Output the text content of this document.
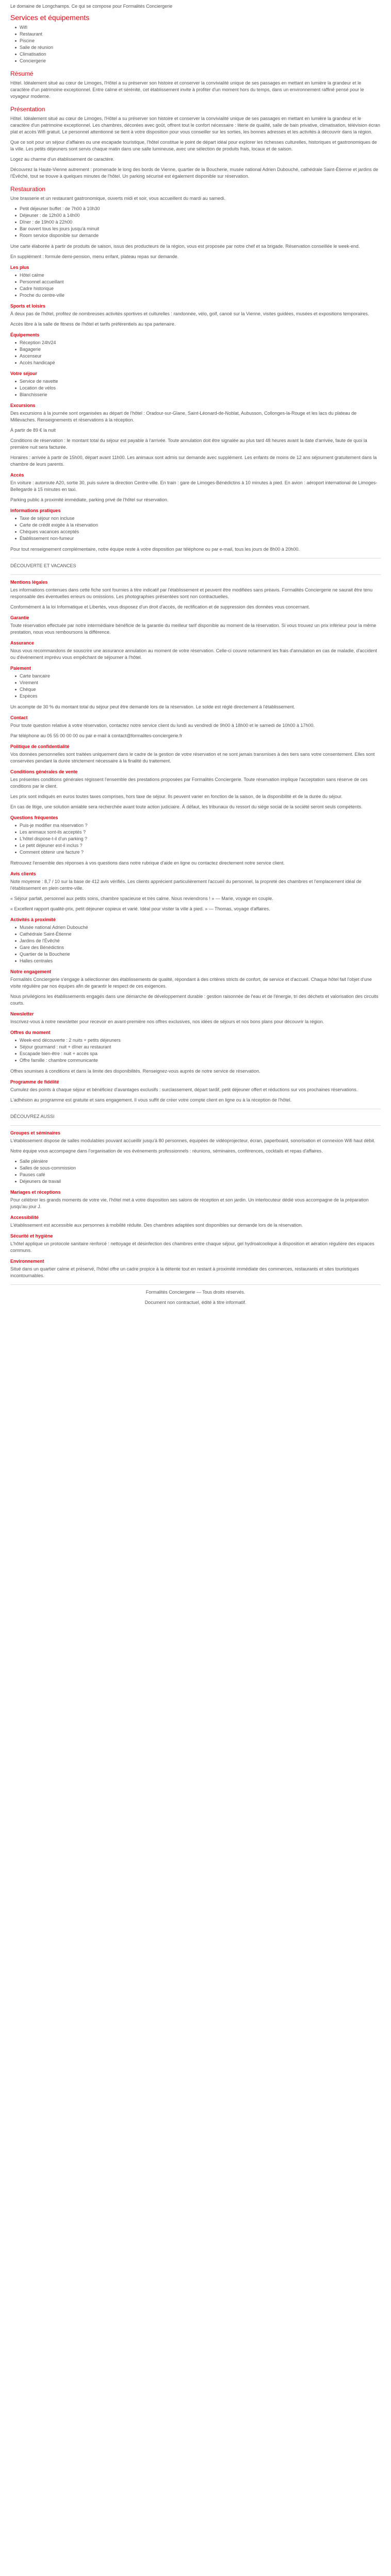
Le domaine de Longchamps. Ce qui se compose pour Formalités Conciergerie

Services et équipements
Wifi
Restaurant
Piscine
Salle de réunion
Climatisation
Conciergerie
Résumé

Hôtel. Idéalement situé au cœur de Limoges, l'Hôtel a su préserver son histoire et conserver la convivialité unique de ses passages en mettant en lumière la grandeur et le caractère d'un patrimoine exceptionnel. Entre calme et sérénité, cet établissement invite à profiter d'un moment hors du temps, dans un environnement raffiné pensé pour le voyageur moderne.

Présentation

Hôtel. Idéalement situé au cœur de Limoges, l'Hôtel a su préserver son histoire et conserver la convivialité unique de ses passages en mettant en lumière la grandeur et le caractère d'un patrimoine exceptionnel. Les chambres, décorées avec goût, offrent tout le confort nécessaire : literie de qualité, salle de bain privative, climatisation, télévision écran plat et accès Wifi gratuit. Le personnel attentionné se tient à votre disposition pour vous conseiller sur les sorties, les bonnes adresses et les activités à découvrir dans la région.

Que ce soit pour un séjour d'affaires ou une escapade touristique, l'hôtel constitue le point de départ idéal pour explorer les richesses culturelles, historiques et gastronomiques de la ville. Les petits déjeuners sont servis chaque matin dans une salle lumineuse, avec une sélection de produits frais, locaux et de saison.

Logez au charme d'un établissement de caractère.

Découvrez la Haute-Vienne autrement : promenade le long des bords de Vienne, quartier de la Boucherie, musée national Adrien Dubouché, cathédrale Saint-Étienne et jardins de l'Évêché, tout se trouve à quelques minutes de l'hôtel. Un parking sécurisé est également disponible sur réservation.

Restauration

Une brasserie et un restaurant gastronomique, ouverts midi et soir, vous accueillent du mardi au samedi.

Petit déjeuner buffet : de 7h00 à 10h30
Déjeuner : de 12h00 à 14h00
Dîner : de 19h00 à 22h00
Bar ouvert tous les jours jusqu'à minuit
Room service disponible sur demande

Une carte élaborée à partir de produits de saison, issus des producteurs de la région, vous est proposée par notre chef et sa brigade. Réservation conseillée le week-end.

En supplément : formule demi-pension, menu enfant, plateau repas sur demande.

Les plus
Hôtel calme
Personnel accueillant
Cadre historique
Proche du centre-ville
Sports et loisirs

À deux pas de l'hôtel, profitez de nombreuses activités sportives et culturelles : randonnée, vélo, golf, canoë sur la Vienne, visites guidées, musées et expositions temporaires.

Accès libre à la salle de fitness de l'hôtel et tarifs préférentiels au spa partenaire.

Équipements
Réception 24h/24
Bagagerie
Ascenseur
Accès handicapé
Votre séjour
Service de navette
Location de vélos
Blanchisserie
Excursions

Des excursions à la journée sont organisées au départ de l'hôtel : Oradour-sur-Glane, Saint-Léonard-de-Noblat, Aubusson, Collonges-la-Rouge et les lacs du plateau de Millevaches. Renseignements et réservations à la réception.

À partir de 89 € la nuit

Conditions de réservation : le montant total du séjour est payable à l'arrivée. Toute annulation doit être signalée au plus tard 48 heures avant la date d'arrivée, faute de quoi la première nuit sera facturée.

Horaires : arrivée à partir de 15h00, départ avant 11h00. Les animaux sont admis sur demande avec supplément. Les enfants de moins de 12 ans séjournent gratuitement dans la chambre de leurs parents.

Accès

En voiture : autoroute A20, sortie 30, puis suivre la direction Centre-ville. En train : gare de Limoges-Bénédictins à 10 minutes à pied. En avion : aéroport international de Limoges-Bellegarde à 15 minutes en taxi.

Parking public à proximité immédiate, parking privé de l'hôtel sur réservation.

Informations pratiques
Taxe de séjour non incluse
Carte de crédit exigée à la réservation
Chèques vacances acceptés
Établissement non-fumeur

Pour tout renseignement complémentaire, notre équipe reste à votre disposition par téléphone ou par e-mail, tous les jours de 8h00 à 20h00.

DÉCOUVERTE ET VACANCES

Mentions légales

Les informations contenues dans cette fiche sont fournies à titre indicatif par l'établissement et peuvent être modifiées sans préavis. Formalités Conciergerie ne saurait être tenu responsable des éventuelles erreurs ou omissions. Les photographies présentées sont non contractuelles.

Conformément à la loi Informatique et Libertés, vous disposez d'un droit d'accès, de rectification et de suppression des données vous concernant.

Garantie

Toute réservation effectuée par notre intermédiaire bénéficie de la garantie du meilleur tarif disponible au moment de la réservation. Si vous trouvez un prix inférieur pour la même prestation, nous vous remboursons la différence.

Assurance

Nous vous recommandons de souscrire une assurance annulation au moment de votre réservation. Celle-ci couvre notamment les frais d'annulation en cas de maladie, d'accident ou d'événement imprévu vous empêchant de séjourner à l'hôtel.

Paiement
Carte bancaire
Virement
Chèque
Espèces

Un acompte de 30 % du montant total du séjour peut être demandé lors de la réservation. Le solde est réglé directement à l'établissement.

Contact

Pour toute question relative à votre réservation, contactez notre service client du lundi au vendredi de 9h00 à 18h00 et le samedi de 10h00 à 17h00.

Par téléphone au 05 55 00 00 00 ou par e-mail à contact@formalites-conciergerie.fr

Politique de confidentialité

Vos données personnelles sont traitées uniquement dans le cadre de la gestion de votre réservation et ne sont jamais transmises à des tiers sans votre consentement. Elles sont conservées pendant la durée strictement nécessaire à la finalité du traitement.

Conditions générales de vente

Les présentes conditions générales régissent l'ensemble des prestations proposées par Formalités Conciergerie. Toute réservation implique l'acceptation sans réserve de ces conditions par le client.

Les prix sont indiqués en euros toutes taxes comprises, hors taxe de séjour. Ils peuvent varier en fonction de la saison, de la disponibilité et de la durée du séjour.

En cas de litige, une solution amiable sera recherchée avant toute action judiciaire. À défaut, les tribunaux du ressort du siège social de la société seront seuls compétents.

Questions fréquentes
Puis-je modifier ma réservation ?
Les animaux sont-ils acceptés ?
L'hôtel dispose-t-il d'un parking ?
Le petit déjeuner est-il inclus ?
Comment obtenir une facture ?

Retrouvez l'ensemble des réponses à vos questions dans notre rubrique d'aide en ligne ou contactez directement notre service client.

Avis clients

Note moyenne : 8,7 / 10 sur la base de 412 avis vérifiés. Les clients apprécient particulièrement l'accueil du personnel, la propreté des chambres et l'emplacement idéal de l'établissement en plein centre-ville.

« Séjour parfait, personnel aux petits soins, chambre spacieuse et très calme. Nous reviendrons ! » — Marie, voyage en couple.

« Excellent rapport qualité-prix, petit déjeuner copieux et varié. Idéal pour visiter la ville à pied. » — Thomas, voyage d'affaires.

Activités à proximité
Musée national Adrien Dubouché
Cathédrale Saint-Étienne
Jardins de l'Évêché
Gare des Bénédictins
Quartier de la Boucherie
Halles centrales
Notre engagement

Formalités Conciergerie s'engage à sélectionner des établissements de qualité, répondant à des critères stricts de confort, de service et d'accueil. Chaque hôtel fait l'objet d'une visite régulière par nos équipes afin de garantir le respect de ces exigences.

Nous privilégions les établissements engagés dans une démarche de développement durable : gestion raisonnée de l'eau et de l'énergie, tri des déchets et valorisation des circuits courts.

Newsletter

Inscrivez-vous à notre newsletter pour recevoir en avant-première nos offres exclusives, nos idées de séjours et nos bons plans pour découvrir la région.

Offres du moment
Week-end découverte : 2 nuits + petits déjeuners
Séjour gourmand : nuit + dîner au restaurant
Escapade bien-être : nuit + accès spa
Offre famille : chambre communicante

Offres soumises à conditions et dans la limite des disponibilités. Renseignez-vous auprès de notre service de réservation.

Programme de fidélité

Cumulez des points à chaque séjour et bénéficiez d'avantages exclusifs : surclassement, départ tardif, petit déjeuner offert et réductions sur vos prochaines réservations.

L'adhésion au programme est gratuite et sans engagement. Il vous suffit de créer votre compte client en ligne ou à la réception de l'hôtel.

DÉCOUVREZ AUSSI

Groupes et séminaires

L'établissement dispose de salles modulables pouvant accueillir jusqu'à 80 personnes, équipées de vidéoprojecteur, écran, paperboard, sonorisation et connexion Wifi haut débit.

Notre équipe vous accompagne dans l'organisation de vos événements professionnels : réunions, séminaires, conférences, cocktails et repas d'affaires.

Salle plénière
Salles de sous-commission
Pauses café
Déjeuners de travail
Mariages et réceptions

Pour célébrer les grands moments de votre vie, l'hôtel met à votre disposition ses salons de réception et son jardin. Un interlocuteur dédié vous accompagne de la préparation jusqu'au jour J.

Accessibilité

L'établissement est accessible aux personnes à mobilité réduite. Des chambres adaptées sont disponibles sur demande lors de la réservation.

Sécurité et hygiène

L'hôtel applique un protocole sanitaire renforcé : nettoyage et désinfection des chambres entre chaque séjour, gel hydroalcoolique à disposition et aération régulière des espaces communs.

Environnement

Situé dans un quartier calme et préservé, l'hôtel offre un cadre propice à la détente tout en restant à proximité immédiate des commerces, restaurants et sites touristiques incontournables.

Formalités Conciergerie — Tous droits réservés.

Document non contractuel, édité à titre informatif.
